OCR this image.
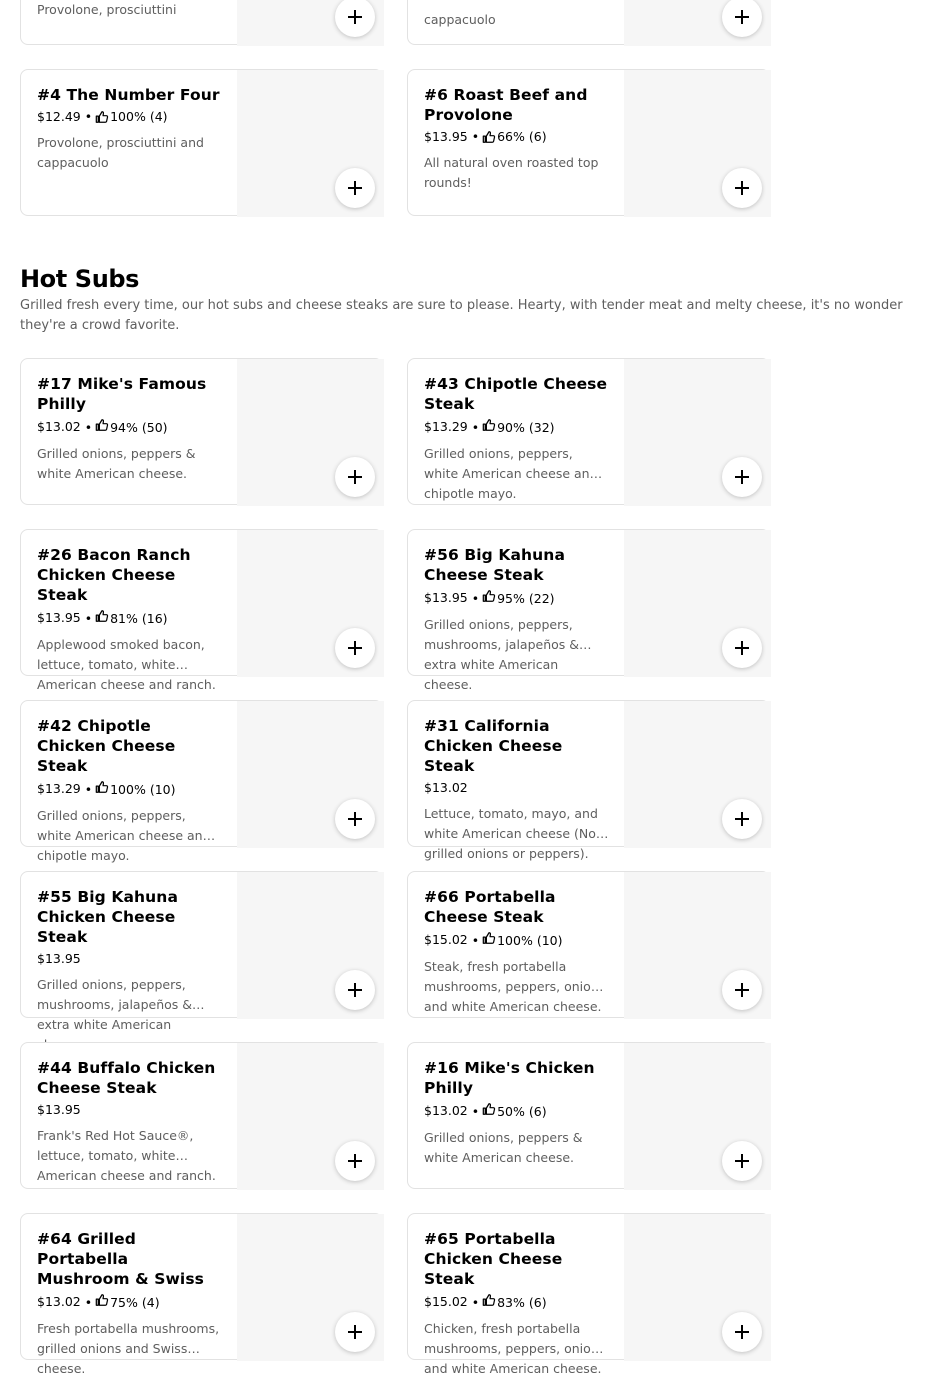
Provolone, prosciuttini
cappacuolo
#4 The Number Four
$12.49 • 100% (4)
Provolone, prosciuttini and cappacuolo
#6 Roast Beef and Provolone
$13.95 • 66% (6)
All natural oven roasted top rounds!
Hot Subs

Grilled fresh every time, our hot subs and cheese steaks are sure to please. Hearty, with tender meat and melty cheese, it's no wonder they're a crowd favorite.

#17 Mike's Famous Philly
$13.02 • 94% (50)
Grilled onions, peppers & white American cheese.
#43 Chipotle Cheese Steak
$13.29 • 90% (32)
Grilled onions, peppers, white American cheese and chipotle mayo.
#26 Bacon Ranch Chicken Cheese Steak
$13.95 • 81% (16)
Applewood smoked bacon, lettuce, tomato, white American cheese and ranch.
#56 Big Kahuna Cheese Steak
$13.95 • 95% (22)
Grilled onions, peppers, mushrooms, jalapeños & extra white American cheese.
#42 Chipotle Chicken Cheese Steak
$13.29 • 100% (10)
Grilled onions, peppers, white American cheese and chipotle mayo.
#31 California Chicken Cheese Steak
$13.02
Lettuce, tomato, mayo, and white American cheese (No grilled onions or peppers).
#55 Big Kahuna Chicken Cheese Steak
$13.95
Grilled onions, peppers, mushrooms, jalapeños & extra white American
#66 Portabella Cheese Steak
$15.02 • 100% (10)
Steak, fresh portabella mushrooms, peppers, onions and white American cheese.
#44 Buffalo Chicken Cheese Steak
$13.95
Frank's Red Hot Sauce®, lettuce, tomato, white American cheese and ranch.
#16 Mike's Chicken Philly
$13.02 • 50% (6)
Grilled onions, peppers & white American cheese.
#64 Grilled Portabella Mushroom & Swiss
$13.02 • 75% (4)
Fresh portabella mushrooms, grilled onions and Swiss cheese.
#65 Portabella Chicken Cheese Steak
$15.02 • 83% (6)
Chicken, fresh portabella mushrooms, peppers, onions and white American cheese.
